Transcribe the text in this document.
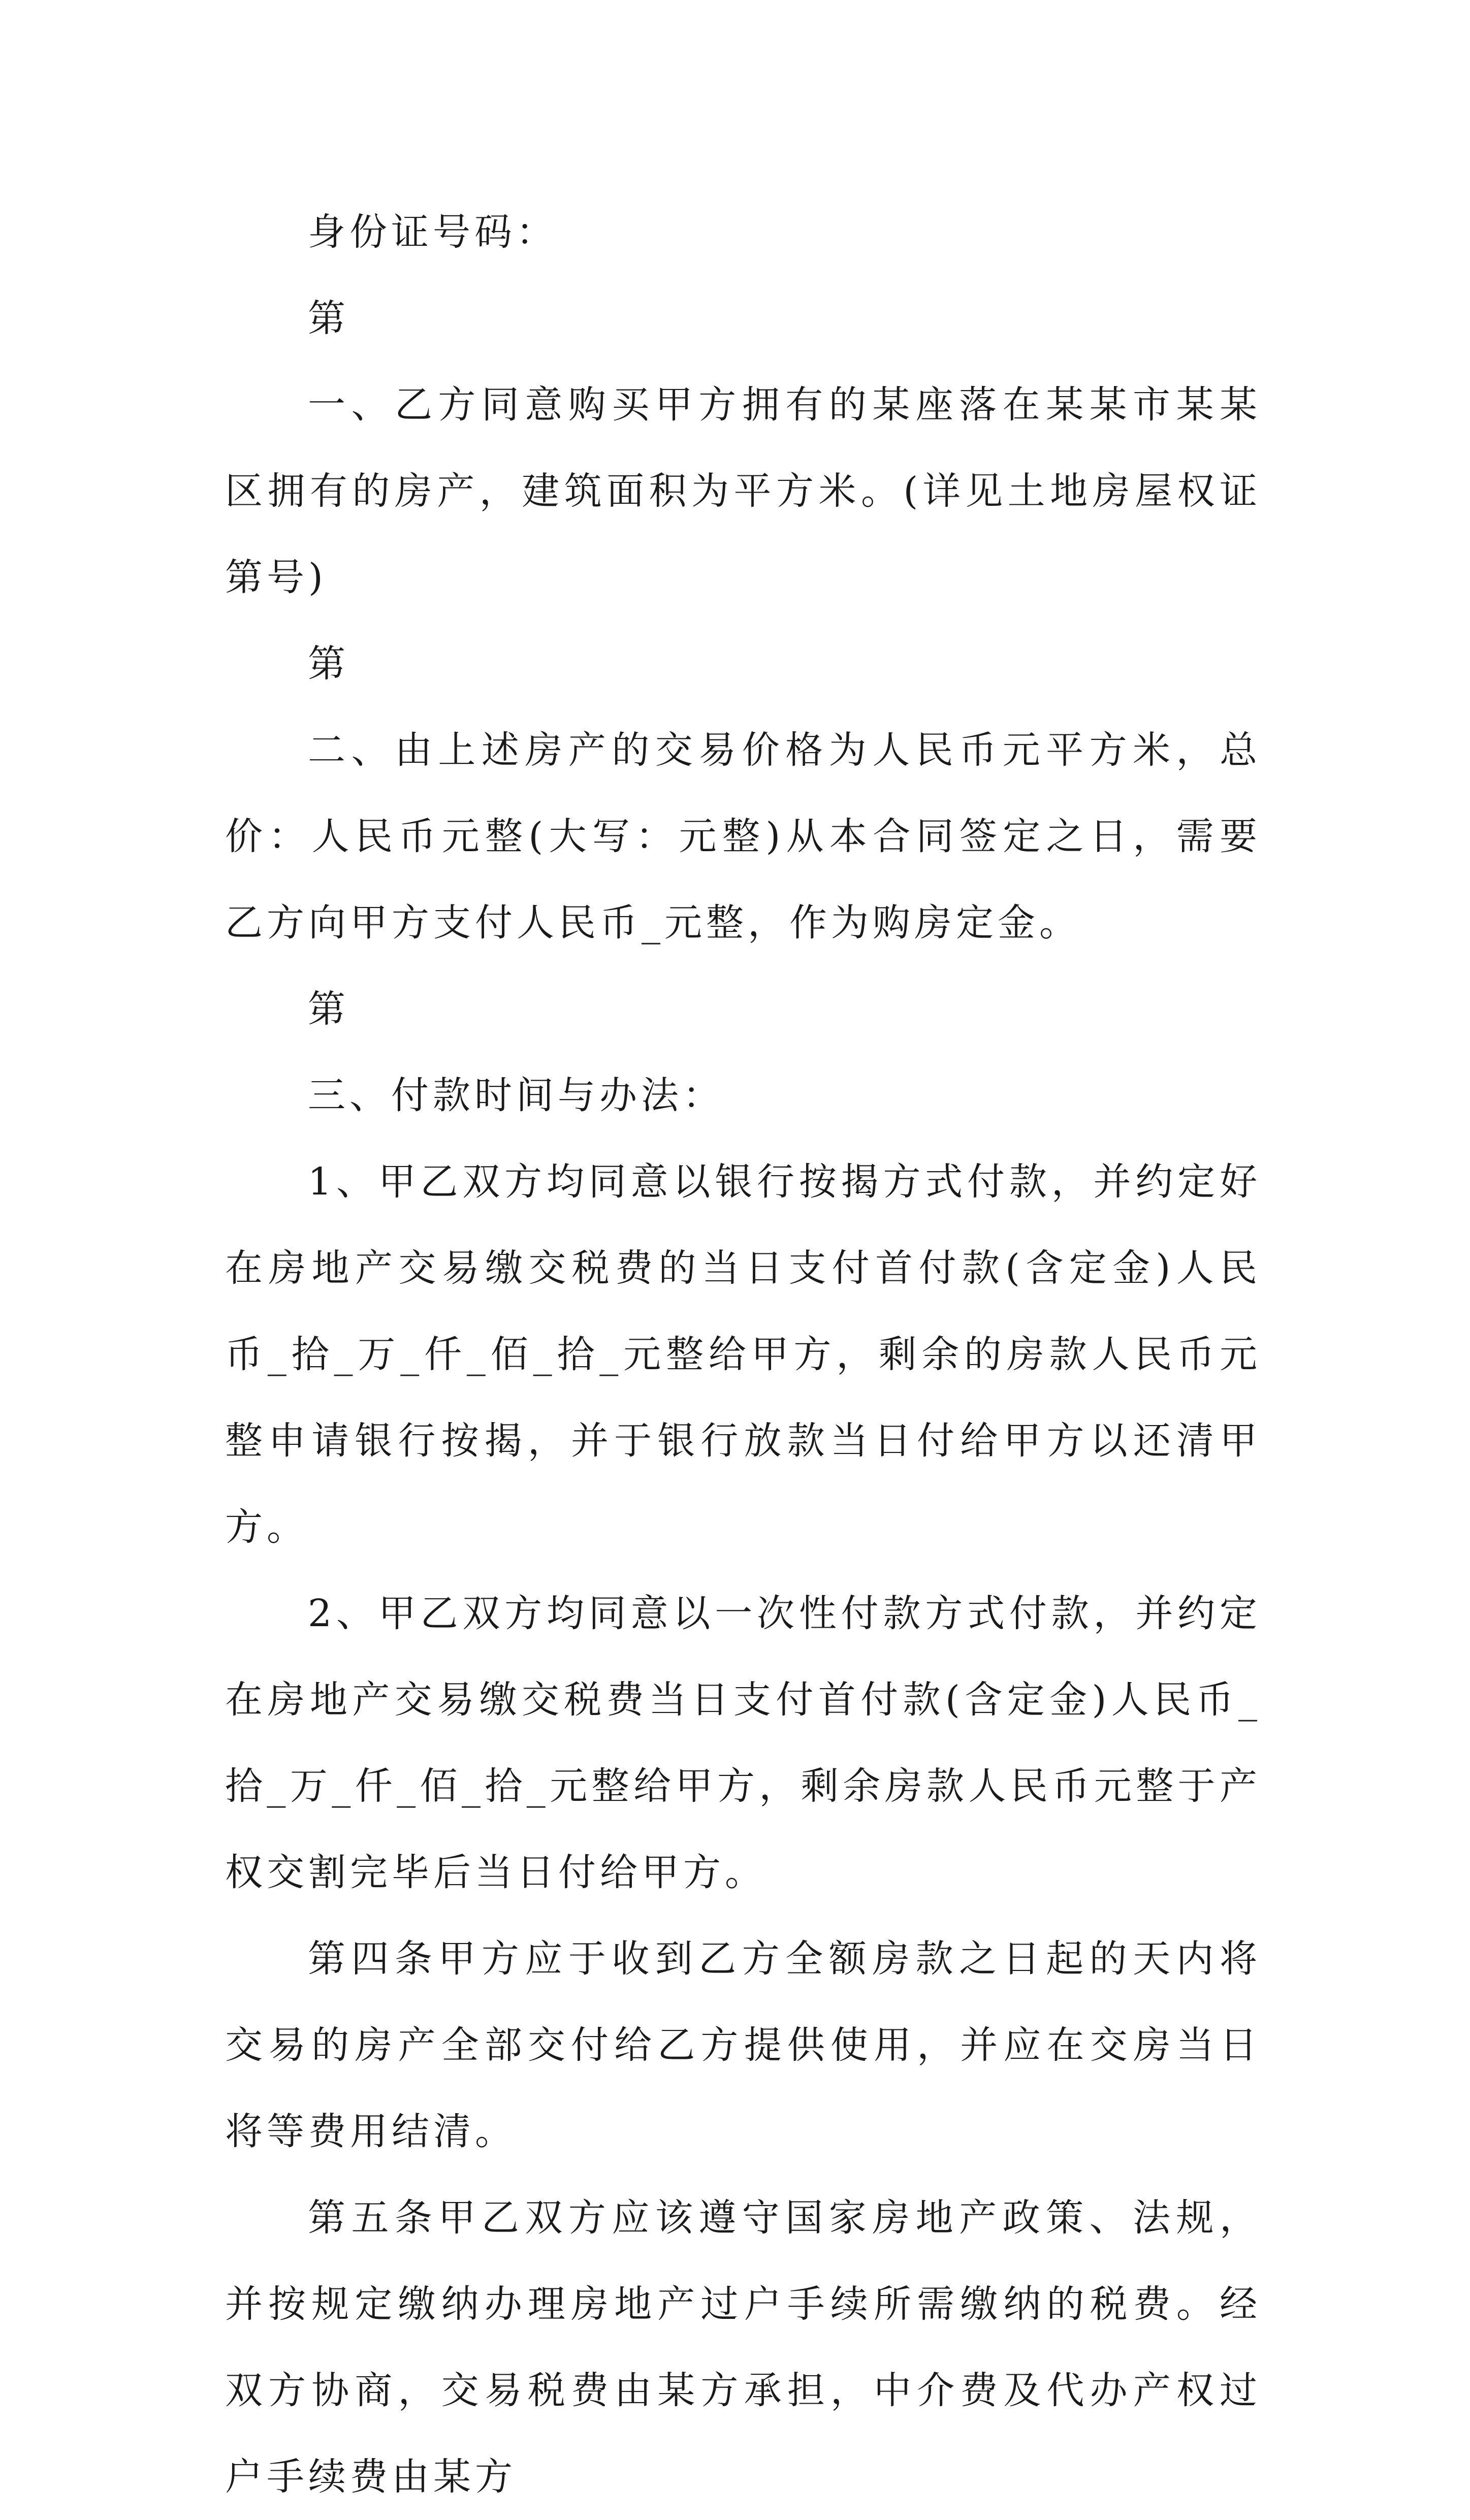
身份证号码：

第

一、乙方同意购买甲方拥有的某座落在某某市某某区拥有的房产，建筑面积为平方米。(详见土地房屋权证第号)

第

二、由上述房产的交易价格为人民币元平方米，总价：人民币元整(大写：元整)从本合同签定之日，需要乙方向甲方支付人民币_元整，作为购房定金。

第

三、付款时间与办法：

1、甲乙双方均同意以银行按揭方式付款，并约定好在房地产交易缴交税费的当日支付首付款(含定金)人民币_拾_万_仟_佰_拾_元整给甲方，剩余的房款人民币元整申请银行按揭，并于银行放款当日付给甲方以还清甲方。

2、甲乙双方均同意以一次性付款方式付款，并约定在房地产交易缴交税费当日支付首付款(含定金)人民币_拾_万_仟_佰_拾_元整给甲方，剩余房款人民币元整于产权交割完毕后当日付给甲方。

第四条甲方应于收到乙方全额房款之日起的天内将交易的房产全部交付给乙方提供使用，并应在交房当日将等费用结清。

第五条甲乙双方应该遵守国家房地产政策、法规，并按规定缴纳办理房地产过户手续所需缴纳的税费。经双方协商，交易税费由某方承担，中介费及代办产权过户手续费由某方
